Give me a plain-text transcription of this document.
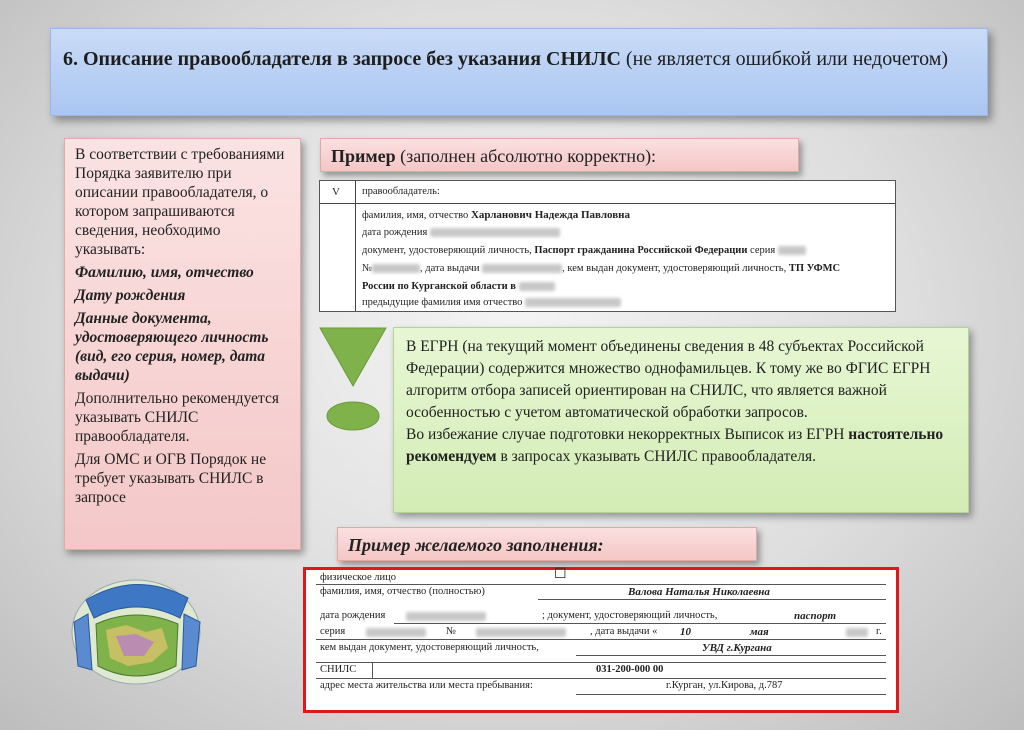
6. Описание правообладателя в запросе без указания СНИЛС (не является ошибкой или недочетом)

В соответствии с требованиями Порядка заявителю при описании правообладателя, о котором запрашиваются сведения, необходимо указывать:

Фамилию, имя, отчество

Дату рождения

Данные документа, удостоверяющего личность (вид, его серия, номер, дата выдачи)

Дополнительно рекомендуется указывать СНИЛС правообладателя.

Для ОМС и ОГВ Порядок не требует указывать СНИЛС в запросе

Пример (заполнен абсолютно корректно):
V правообладатель:
фамилия, имя, отчество Харланович Надежда Павловна
дата рождения
документ, удостоверяющий личность, Паспорт гражданина Российской Федерации серия
№	, дата выдачи	, кем выдан документ, удостоверяющий личность, ТП УФМС
России по Курганской области в
предыдущие фамилия имя отчество

В ЕГРН (на текущий момент объединены сведения в 48 субъектах Российской Федерации) содержится множество однофамильцев. К тому же во ФГИС ЕГРН алгоритм отбора записей ориентирован на СНИЛС, что является важной особенностью с учетом автоматической обработки запросов.

Во избежание случае подготовки некорректных Выписок из ЕГРН настоятельно рекомендуем в запросах указывать СНИЛС правообладателя.

Пример желаемого заполнения:
физическое лицо	☐
фамилия, имя, отчество (полностью)	Валова Наталья Николаевна
дата рождения	; документ, удостоверяющий личность,	паспорт
серия	№	, дата выдачи « 10	мая	г.
кем выдан документ, удостоверяющий личность,	УВД г.Кургана
СНИЛС	031-200-000 00
адрес места жительства или места пребывания:	г.Курган, ул.Кирова, д.787
